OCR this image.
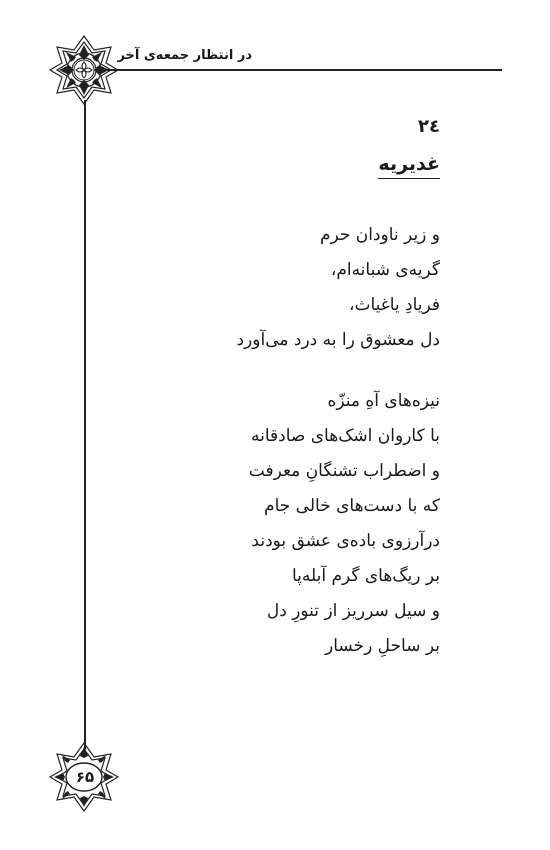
در انتظار جمعه‌ی آخر
۶۵
۲٤
غدیریه
و زیر ناودان حرم
گریه‌ی شبانه‌ام،
فریادِ یاغیاث،
دل معشوق را به درد می‌آورد
نیزه‌های آهِ منزّه
با کاروان اشک‌های صادقانه
و اضطراب تشنگانِ معرفت
که با دست‌های خالی جام
درآرزوی باده‌ی عشق بودند
بر ریگ‌های گرم آبله‌پا
و سیل سرریز از تنورِ دل
بر ساحلِ رخسار
